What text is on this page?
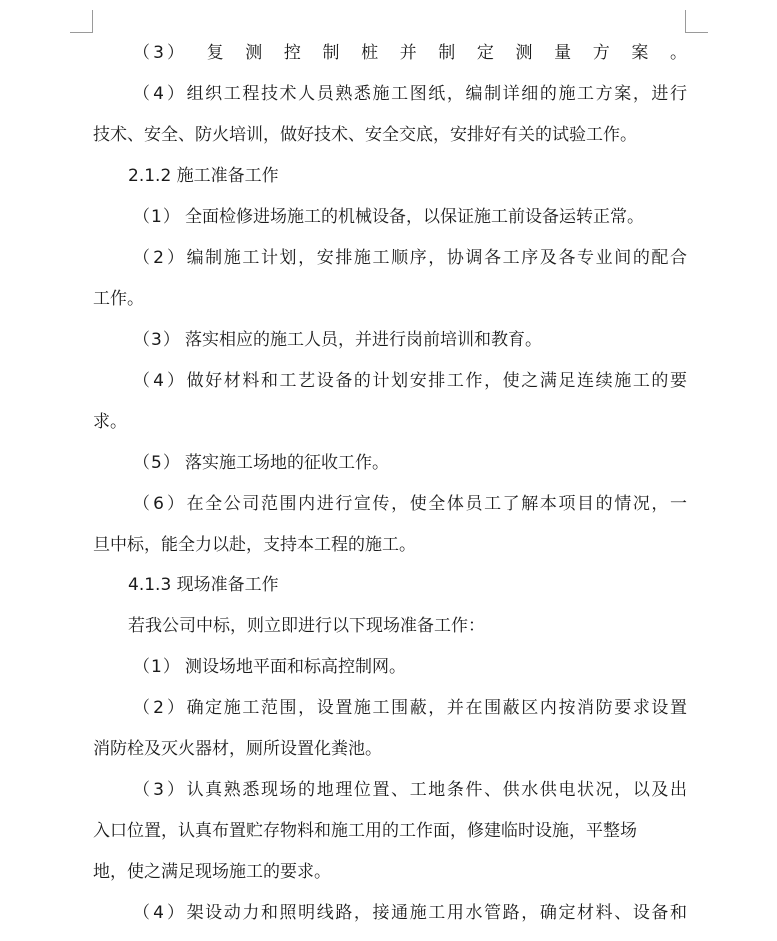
（3）复测控制桩并制定测量方案。
（4）组织工程技术人员熟悉施工图纸，编制详细的施工方案，进行
技术、安全、防火培训，做好技术、安全交底，安排好有关的试验工作。
2.1.2 施工准备工作
（1） 全面检修进场施工的机械设备，以保证施工前设备运转正常。
（2）编制施工计划，安排施工顺序，协调各工序及各专业间的配合
工作。
（3） 落实相应的施工人员，并进行岗前培训和教育。
（4）做好材料和工艺设备的计划安排工作，使之满足连续施工的要
求。
（5） 落实施工场地的征收工作。
（6）在全公司范围内进行宣传，使全体员工了解本项目的情况，一
旦中标，能全力以赴，支持本工程的施工。
4.1.3 现场准备工作
若我公司中标，则立即进行以下现场准备工作：
（1） 测设场地平面和标高控制网。
（2）确定施工范围，设置施工围蔽，并在围蔽区内按消防要求设置
消防栓及灭火器材，厕所设置化粪池。
（3）认真熟悉现场的地理位置、工地条件、供水供电状况，以及出
入口位置，认真布置贮存物料和施工用的工作面，修建临时设施，平整场
地，使之满足现场施工的要求。
（4）架设动力和照明线路，接通施工用水管路，确定材料、设备和
